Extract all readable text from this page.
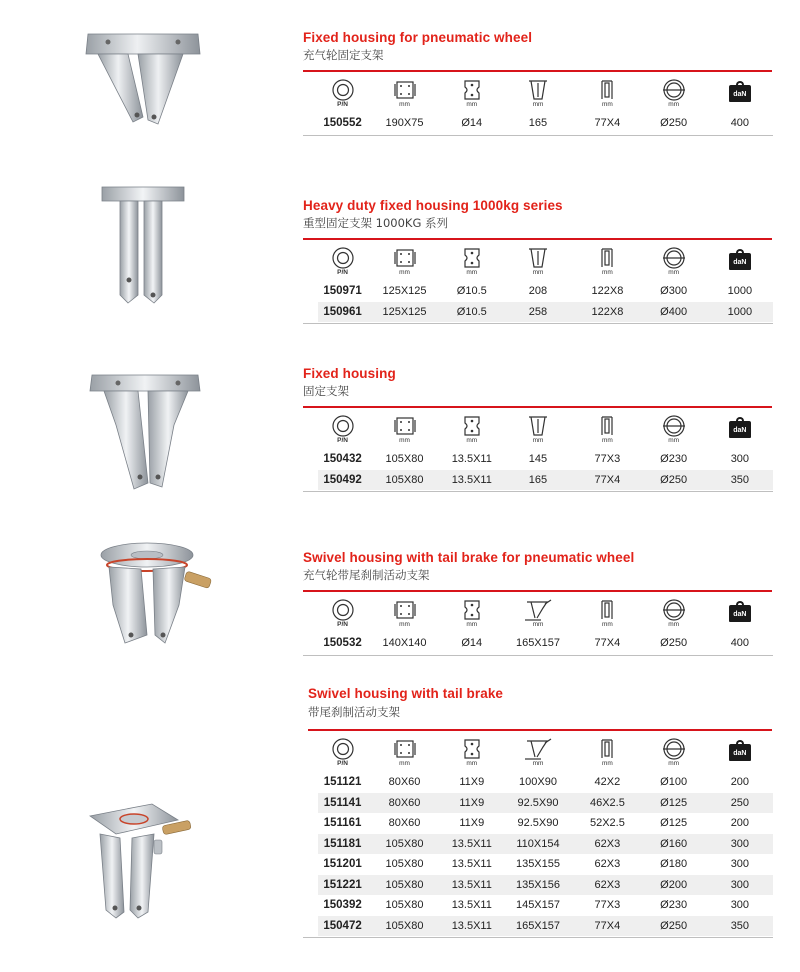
Fixed housing for pneumatic wheel
充气轮固定支架
P/N	mm	mm	mm	mm	mm	daN
150552	190X75	Ø14	165	77X4	Ø250	400
Heavy duty fixed housing 1000kg series
重型固定支架 1000KG 系列
P/N	mm	mm	mm	mm	mm	daN
150971	125X125	Ø10.5	208	122X8	Ø300	1000
150961	125X125	Ø10.5	258	122X8	Ø400	1000
Fixed housing
固定支架
P/N	mm	mm	mm	mm	mm	daN
150432	105X80	13.5X11	145	77X3	Ø230	300
150492	105X80	13.5X11	165	77X4	Ø250	350
Swivel housing with tail brake for pneumatic wheel
充气轮带尾刹制活动支架
P/N	mm	mm	mm	mm	mm	daN
150532	140X140	Ø14	165X157	77X4	Ø250	400
Swivel housing with tail brake
带尾刹制活动支架
P/N	mm	mm	mm	mm	mm	daN
151121	80X60	11X9	100X90	42X2	Ø100	200
151141	80X60	11X9	92.5X90	46X2.5	Ø125	250
151161	80X60	11X9	92.5X90	52X2.5	Ø125	200
151181	105X80	13.5X11	110X154	62X3	Ø160	300
151201	105X80	13.5X11	135X155	62X3	Ø180	300
151221	105X80	13.5X11	135X156	62X3	Ø200	300
150392	105X80	13.5X11	145X157	77X3	Ø230	300
150472	105X80	13.5X11	165X157	77X4	Ø250	350
